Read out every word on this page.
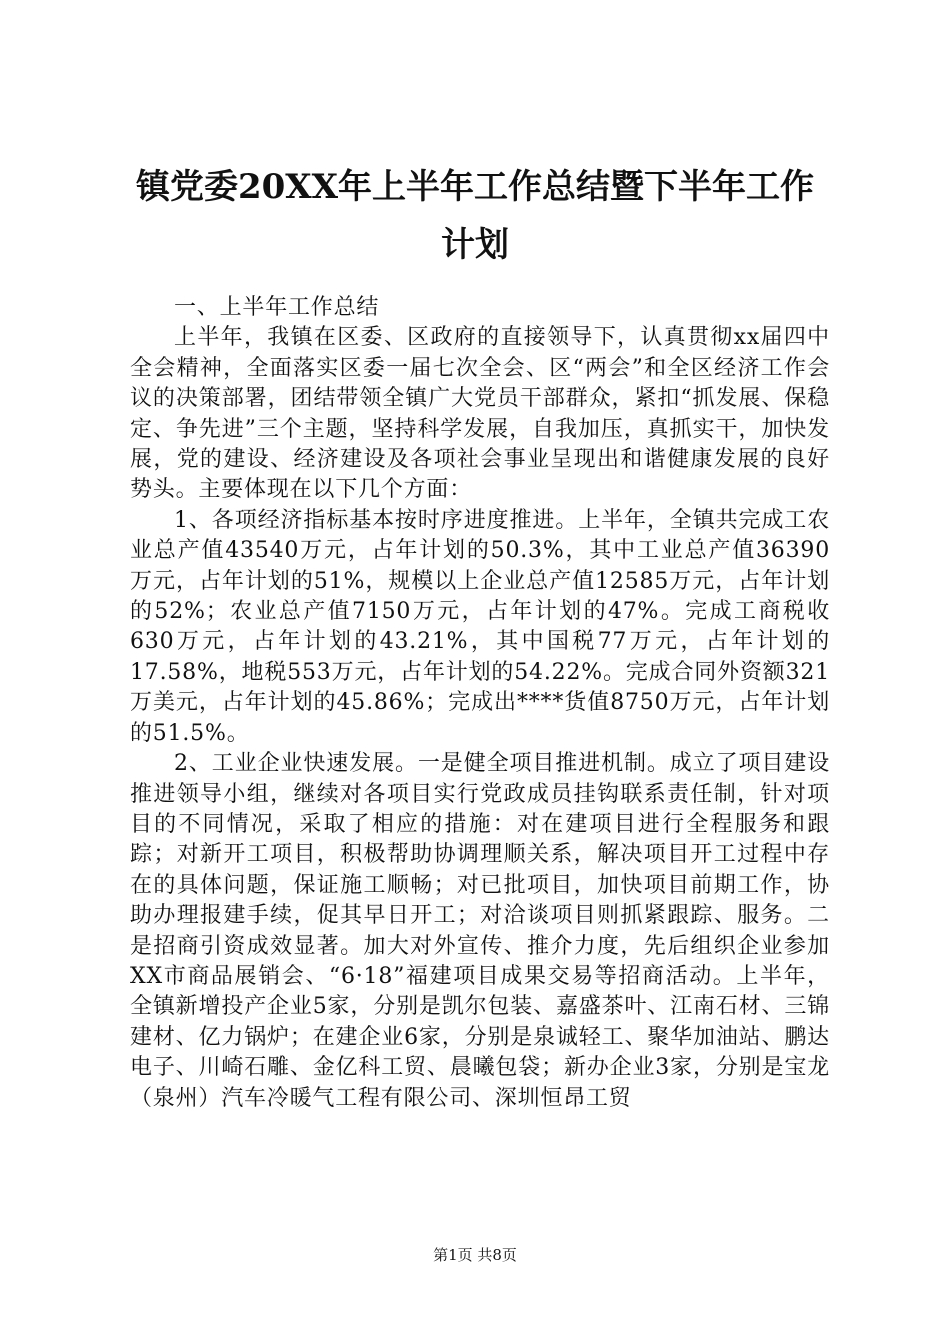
镇党委20XX年上半年工作总结暨下半年工作计划

一、上半年工作总结

上半年，我镇在区委、区政府的直接领导下，认真贯彻xx届四中全会精神，全面落实区委一届七次全会、区“两会”和全区经济工作会议的决策部署，团结带领全镇广大党员干部群众，紧扣“抓发展、保稳定、争先进”三个主题，坚持科学发展，自我加压，真抓实干，加快发展，党的建设、经济建设及各项社会事业呈现出和谐健康发展的良好势头。主要体现在以下几个方面：

1、各项经济指标基本按时序进度推进。上半年，全镇共完成工农业总产值43540万元，占年计划的50.3%，其中工业总产值36390万元，占年计划的51%，规模以上企业总产值12585万元，占年计划的52%；农业总产值7150万元，占年计划的47%。完成工商税收630万元，占年计划的43.21%，其中国税77万元，占年计划的17.58%，地税553万元，占年计划的54.22%。完成合同外资额321万美元，占年计划的45.86%；完成出****货值8750万元，占年计划的51.5%。

2、工业企业快速发展。一是健全项目推进机制。成立了项目建设推进领导小组，继续对各项目实行党政成员挂钩联系责任制，针对项目的不同情况，采取了相应的措施：对在建项目进行全程服务和跟踪；对新开工项目，积极帮助协调理顺关系，解决项目开工过程中存在的具体问题，保证施工顺畅；对已批项目，加快项目前期工作，协助办理报建手续，促其早日开工；对洽谈项目则抓紧跟踪、服务。二是招商引资成效显著。加大对外宣传、推介力度，先后组织企业参加XX市商品展销会、“6·18”福建项目成果交易等招商活动。上半年，全镇新增投产企业5家，分别是凯尔包装、嘉盛茶叶、江南石材、三锦建材、亿力锅炉；在建企业6家，分别是泉诚轻工、聚华加油站、鹏达电子、川崎石雕、金亿科工贸、晨曦包袋；新办企业3家，分别是宝龙（泉州）汽车冷暖气工程有限公司、深圳恒昂工贸

第1页 共8页
